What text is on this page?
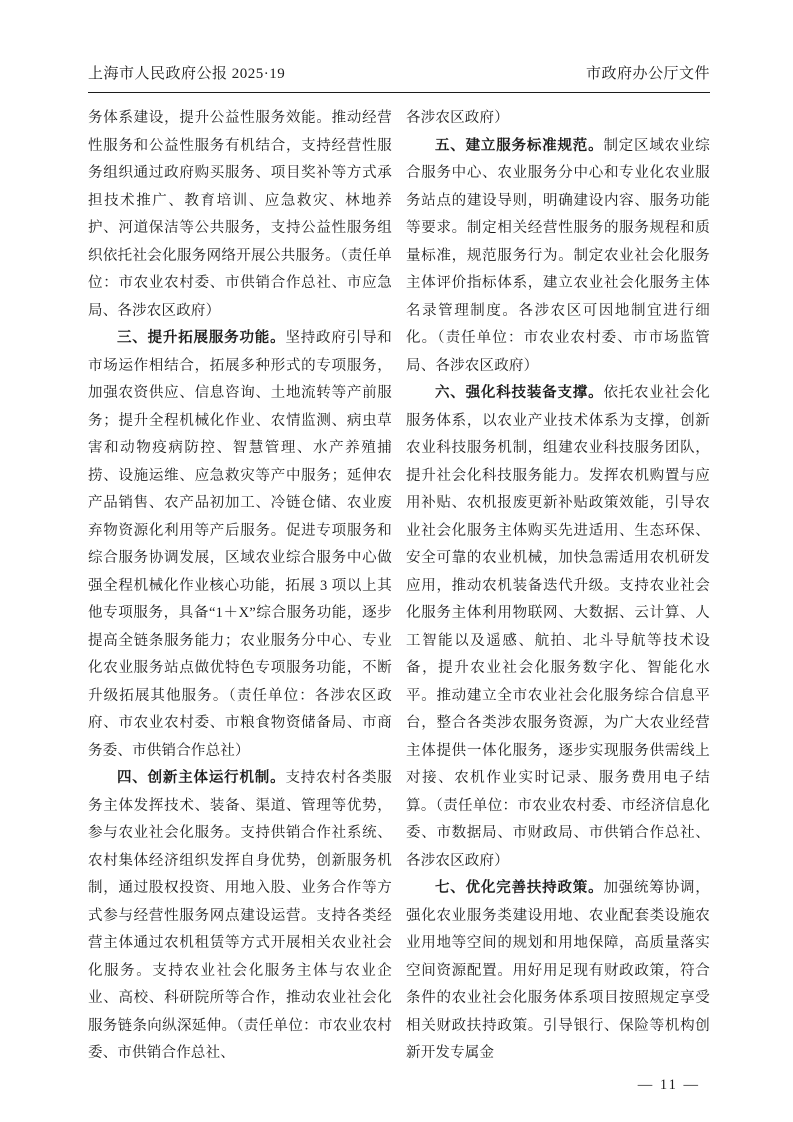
上海市人民政府公报 2025·19	市政府办公厅文件

务体系建设，提升公益性服务效能。推动经营性服务和公益性服务有机结合，支持经营性服务组织通过政府购买服务、项目奖补等方式承担技术推广、教育培训、应急救灾、林地养护、河道保洁等公共服务，支持公益性服务组织依托社会化服务网络开展公共服务。（责任单位：市农业农村委、市供销合作总社、市应急局、各涉农区政府）

三、提升拓展服务功能。坚持政府引导和市场运作相结合，拓展多种形式的专项服务，加强农资供应、信息咨询、土地流转等产前服务；提升全程机械化作业、农情监测、病虫草害和动物疫病防控、智慧管理、水产养殖捕捞、设施运维、应急救灾等产中服务；延伸农产品销售、农产品初加工、冷链仓储、农业废弃物资源化利用等产后服务。促进专项服务和综合服务协调发展，区域农业综合服务中心做强全程机械化作业核心功能，拓展 3 项以上其他专项服务，具备“1＋X”综合服务功能，逐步提高全链条服务能力；农业服务分中心、专业化农业服务站点做优特色专项服务功能，不断升级拓展其他服务。（责任单位：各涉农区政府、市农业农村委、市粮食物资储备局、市商务委、市供销合作总社）

四、创新主体运行机制。支持农村各类服务主体发挥技术、装备、渠道、管理等优势，参与农业社会化服务。支持供销合作社系统、农村集体经济组织发挥自身优势，创新服务机制，通过股权投资、用地入股、业务合作等方式参与经营性服务网点建设运营。支持各类经营主体通过农机租赁等方式开展相关农业社会化服务。支持农业社会化服务主体与农业企业、高校、科研院所等合作，推动农业社会化服务链条向纵深延伸。（责任单位：市农业农村委、市供销合作总社、

各涉农区政府）

五、建立服务标准规范。制定区域农业综合服务中心、农业服务分中心和专业化农业服务站点的建设导则，明确建设内容、服务功能等要求。制定相关经营性服务的服务规程和质量标准，规范服务行为。制定农业社会化服务主体评价指标体系，建立农业社会化服务主体名录管理制度。各涉农区可因地制宜进行细化。（责任单位：市农业农村委、市市场监管局、各涉农区政府）

六、强化科技装备支撑。依托农业社会化服务体系，以农业产业技术体系为支撑，创新农业科技服务机制，组建农业科技服务团队，提升社会化科技服务能力。发挥农机购置与应用补贴、农机报废更新补贴政策效能，引导农业社会化服务主体购买先进适用、生态环保、安全可靠的农业机械，加快急需适用农机研发应用，推动农机装备迭代升级。支持农业社会化服务主体利用物联网、大数据、云计算、人工智能以及遥感、航拍、北斗导航等技术设备，提升农业社会化服务数字化、智能化水平。推动建立全市农业社会化服务综合信息平台，整合各类涉农服务资源，为广大农业经营主体提供一体化服务，逐步实现服务供需线上对接、农机作业实时记录、服务费用电子结算。（责任单位：市农业农村委、市经济信息化委、市数据局、市财政局、市供销合作总社、各涉农区政府）

七、优化完善扶持政策。加强统筹协调，强化农业服务类建设用地、农业配套类设施农业用地等空间的规划和用地保障，高质量落实空间资源配置。用好用足现有财政政策，符合条件的农业社会化服务体系项目按照规定享受相关财政扶持政策。引导银行、保险等机构创新开发专属金

— 11 —
